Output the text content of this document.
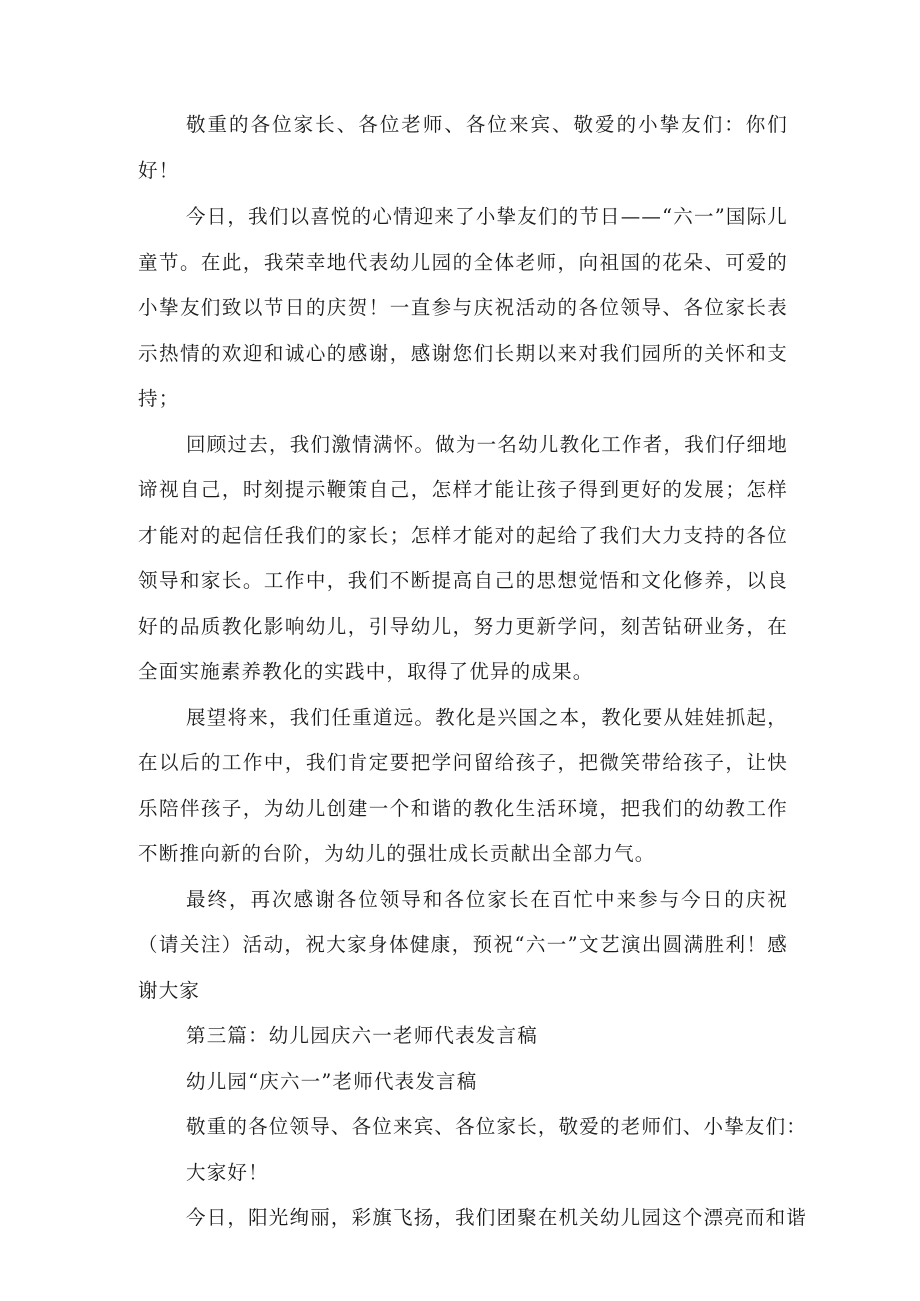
敬重的各位家长、各位老师、各位来宾、敬爱的小挚友们：你们好！

今日，我们以喜悦的心情迎来了小挚友们的节日——“六一”国际儿童节。在此，我荣幸地代表幼儿园的全体老师，向祖国的花朵、可爱的小挚友们致以节日的庆贺！一直参与庆祝活动的各位领导、各位家长表示热情的欢迎和诚心的感谢，感谢您们长期以来对我们园所的关怀和支持；

回顾过去，我们激情满怀。做为一名幼儿教化工作者，我们仔细地谛视自己，时刻提示鞭策自己，怎样才能让孩子得到更好的发展；怎样才能对的起信任我们的家长；怎样才能对的起给了我们大力支持的各位领导和家长。工作中，我们不断提高自己的思想觉悟和文化修养，以良好的品质教化影响幼儿，引导幼儿，努力更新学问，刻苦钻研业务，在全面实施素养教化的实践中，取得了优异的成果。

展望将来，我们任重道远。教化是兴国之本，教化要从娃娃抓起，在以后的工作中，我们肯定要把学问留给孩子，把微笑带给孩子，让快乐陪伴孩子，为幼儿创建一个和谐的教化生活环境，把我们的幼教工作不断推向新的台阶，为幼儿的强壮成长贡献出全部力气。

最终，再次感谢各位领导和各位家长在百忙中来参与今日的庆祝（请关注）活动，祝大家身体健康，预祝“六一”文艺演出圆满胜利！感谢大家

第三篇：幼儿园庆六一老师代表发言稿

幼儿园“庆六一”老师代表发言稿

敬重的各位领导、各位来宾、各位家长，敬爱的老师们、小挚友们：

大家好！

今日，阳光绚丽，彩旗飞扬，我们团聚在机关幼儿园这个漂亮而和谐
